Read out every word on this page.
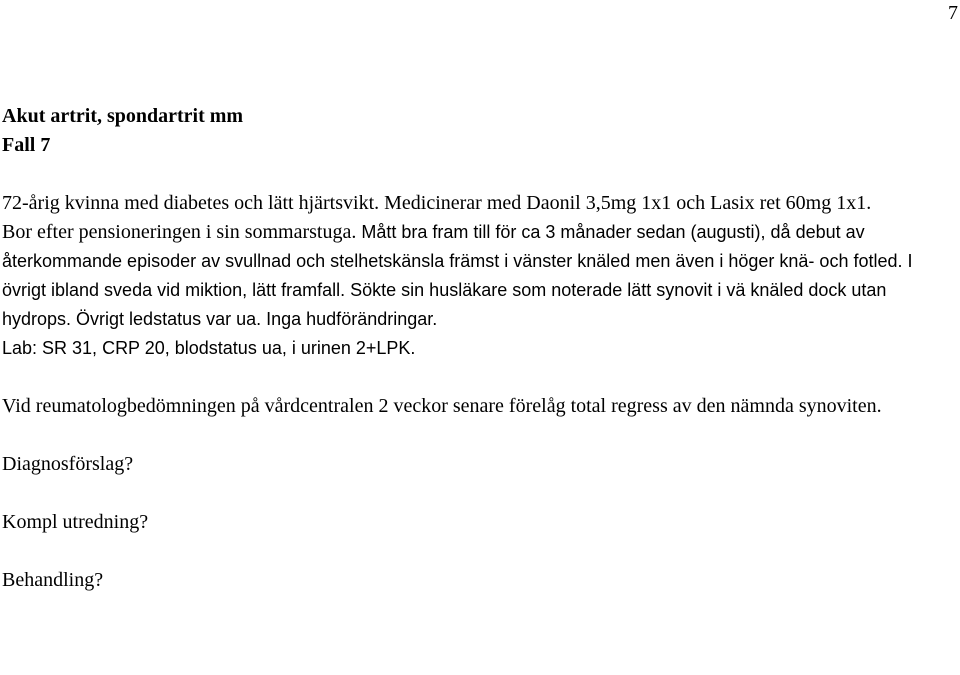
7

Akut artrit, spondartrit mm

Fall 7

72-årig kvinna med diabetes och lätt hjärtsvikt. Medicinerar med Daonil 3,5mg 1x1 och Lasix ret 60mg 1x1.

Bor efter pensioneringen i sin sommarstuga. Mått bra fram till för ca 3 månader sedan (augusti), då debut av återkommande episoder av svullnad och stelhetskänsla främst i vänster knäled men även i höger knä- och fotled. I övrigt ibland sveda vid miktion, lätt framfall. Sökte sin husläkare som noterade lätt synovit i vä knäled dock utan hydrops. Övrigt ledstatus var ua. Inga hudförändringar.

Lab: SR 31, CRP 20, blodstatus ua, i urinen 2+LPK.

Vid reumatologbedömningen på vårdcentralen 2 veckor senare förelåg total regress av den nämnda synoviten.

Diagnosförslag?

Kompl utredning?

Behandling?
